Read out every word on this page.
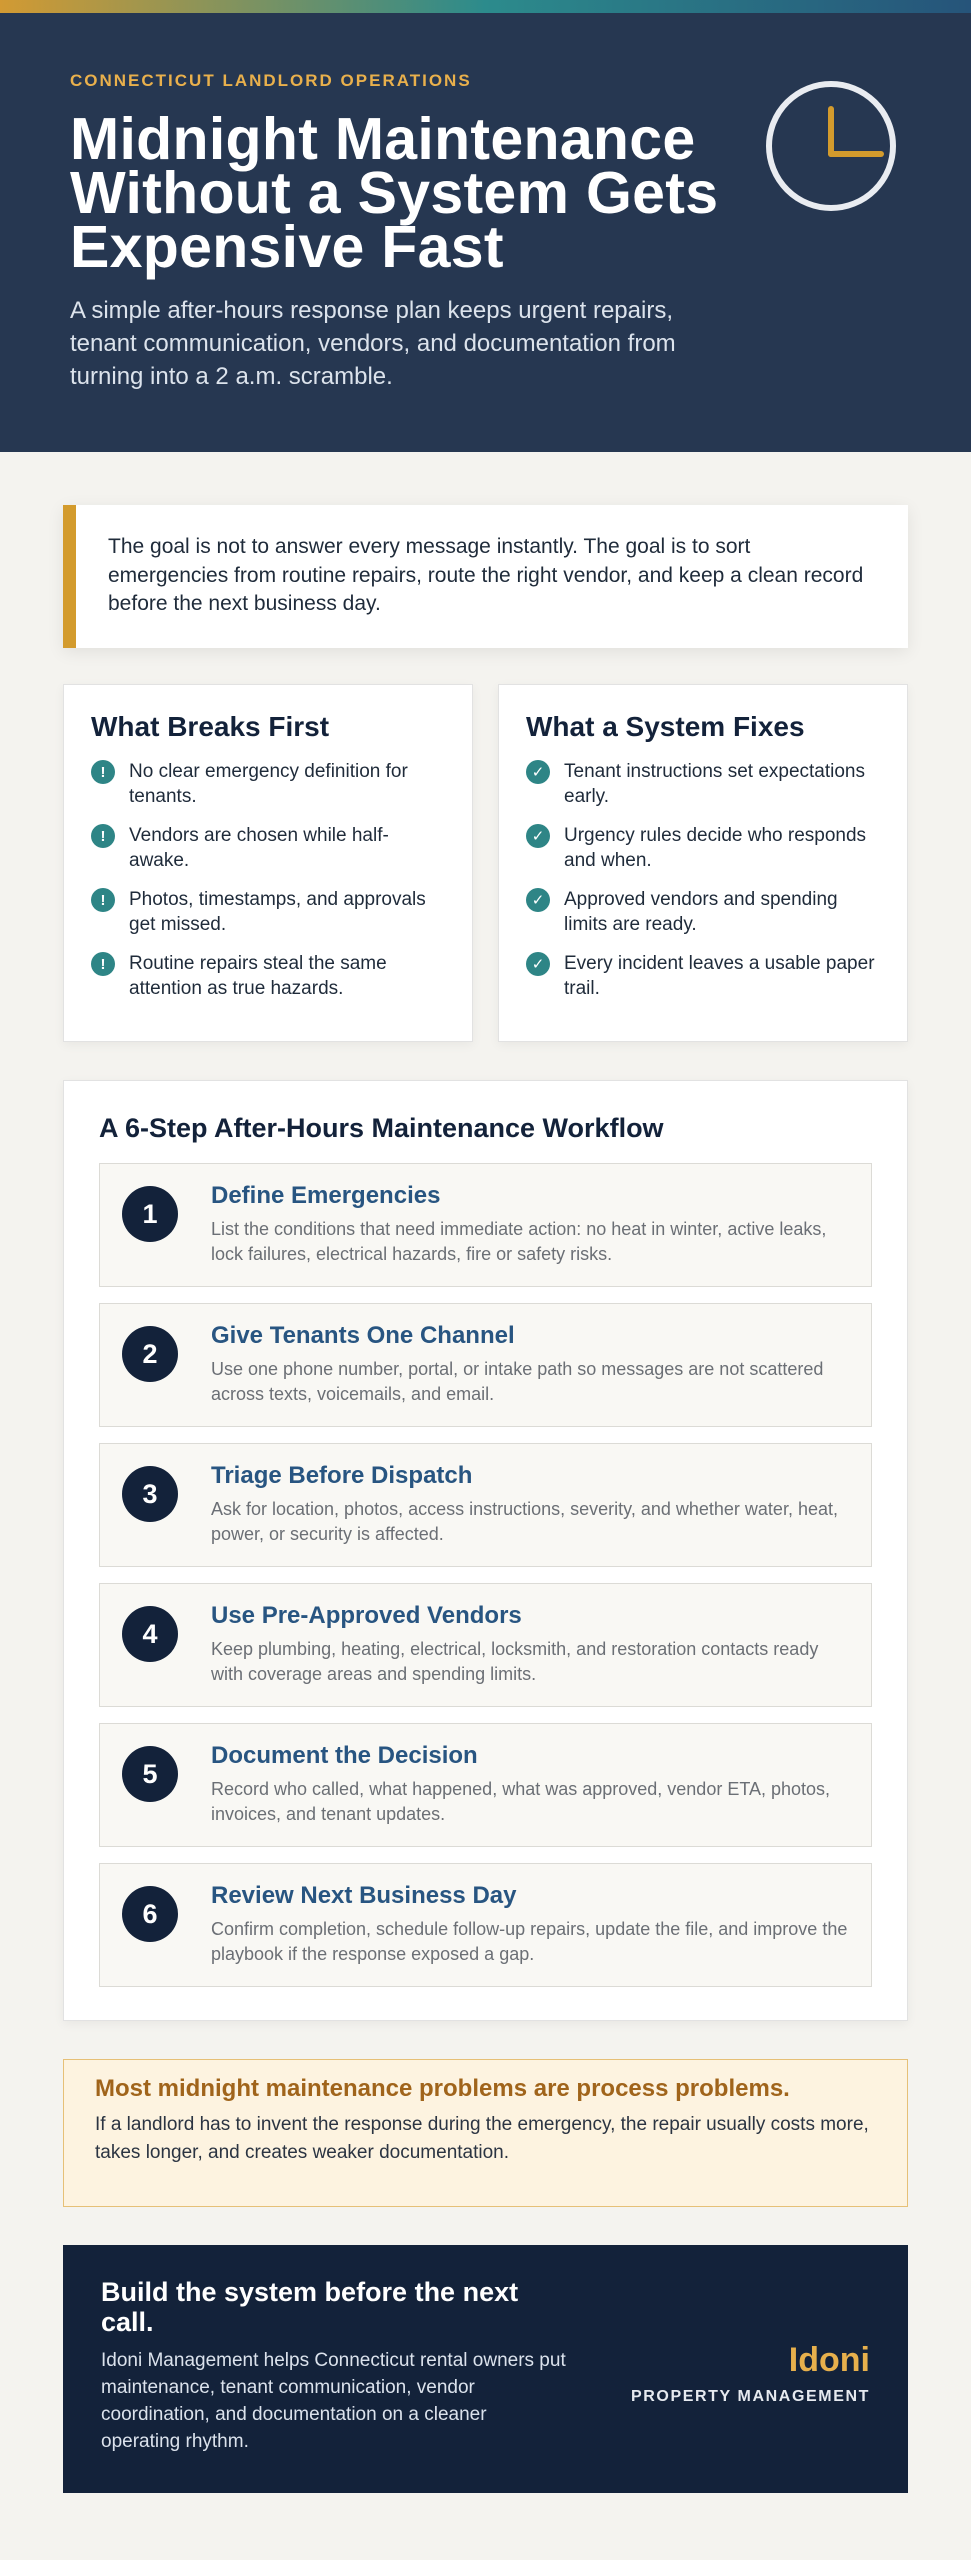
CONNECTICUT LANDLORD OPERATIONS
Midnight Maintenance Without a System Gets Expensive Fast

A simple after-hours response plan keeps urgent repairs, tenant communication, vendors, and documentation from turning into a 2 a.m. scramble.

The goal is not to answer every message instantly. The goal is to sort emergencies from routine repairs, route the right vendor, and keep a clean record before the next business day.

What Breaks First
!	No clear emergency definition for tenants.
!	Vendors are chosen while half-awake.
!	Photos, timestamps, and approvals get missed.
!	Routine repairs steal the same attention as true hazards.
What a System Fixes
✓	Tenant instructions set expectations early.
✓	Urgency rules decide who responds and when.
✓	Approved vendors and spending limits are ready.
✓	Every incident leaves a usable paper trail.
A 6-Step After-Hours Maintenance Workflow
1
Define Emergencies

List the conditions that need immediate action: no heat in winter, active leaks, lock failures, electrical hazards, fire or safety risks.

2
Give Tenants One Channel

Use one phone number, portal, or intake path so messages are not scattered across texts, voicemails, and email.

3
Triage Before Dispatch

Ask for location, photos, access instructions, severity, and whether water, heat, power, or security is affected.

4
Use Pre-Approved Vendors

Keep plumbing, heating, electrical, locksmith, and restoration contacts ready with coverage areas and spending limits.

5
Document the Decision

Record who called, what happened, what was approved, vendor ETA, photos, invoices, and tenant updates.

6
Review Next Business Day

Confirm completion, schedule follow-up repairs, update the file, and improve the playbook if the response exposed a gap.

Most midnight maintenance problems are process problems.

If a landlord has to invent the response during the emergency, the repair usually costs more, takes longer, and creates weaker documentation.

Build the system before the next call.

Idoni Management helps Connecticut rental owners put maintenance, tenant communication, vendor coordination, and documentation on a cleaner operating rhythm.

Idoni
PROPERTY MANAGEMENT
